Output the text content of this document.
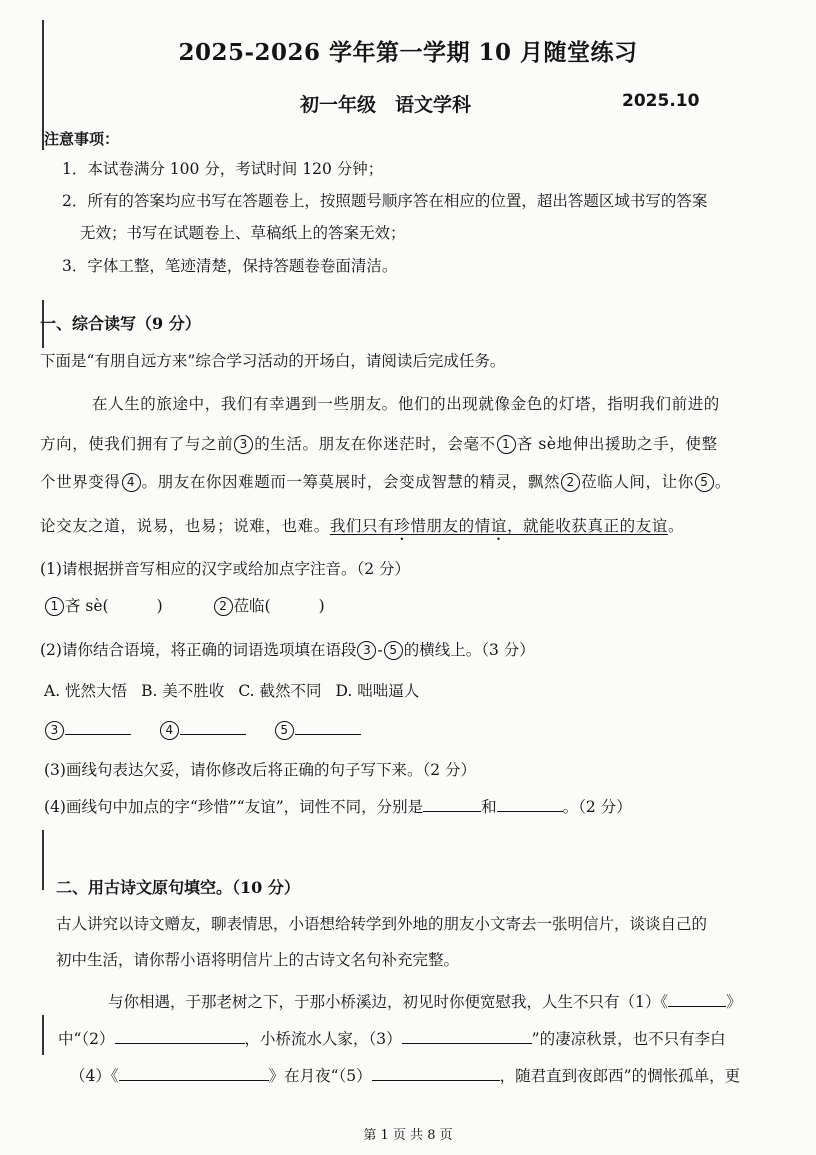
2025-2026 学年第一学期 10 月随堂练习
初一年级　语文学科	2025.10
注意事项：
1．本试卷满分 100 分，考试时间 120 分钟；
2．所有的答案均应书写在答题卷上，按照题号顺序答在相应的位置，超出答题区域书写的答案
无效；书写在试题卷上、草稿纸上的答案无效；
3．字体工整，笔迹清楚，保持答题卷卷面清洁。
一、综合读写（9 分）
下面是“有朋自远方来”综合学习活动的开场白，请阅读后完成任务。
在人生的旅途中，我们有幸遇到一些朋友。他们的出现就像金色的灯塔，指明我们前进的
方向，使我们拥有了与之前 3 的生活。朋友在你迷茫时，会毫不 1 吝 sè地伸出援助之手，使整
个世界变得 4 。朋友在你因难题而一筹莫展时，会变成智慧的精灵，飘然 2 莅临人间，让你 5 。
论交友之道，说易，也易；说难，也难。我们只有珍惜朋友的情谊，就能收获真正的友谊。
(1)请根据拼音写相应的汉字或给加点字注音。（2 分）
1 吝 sè(	)	2 莅临(	)
(2)请你结合语境，将正确的词语选项填在语段 3 - 5 的横线上。（3 分）
A. 恍然大悟 B. 美不胜收 C. 截然不同 D. 咄咄逼人
3	4	5
(3)画线句表达欠妥，请你修改后将正确的句子写下来。（2 分）
(4)画线句中加点的字“珍惜”“友谊”，词性不同，分别是	和	。（2 分）
二、用古诗文原句填空。（10 分）
古人讲究以诗文赠友，聊表情思，小语想给转学到外地的朋友小文寄去一张明信片，谈谈自己的
初中生活，请你帮小语将明信片上的古诗文名句补充完整。
与你相遇，于那老树之下，于那小桥溪边，初见时你便宽慰我，人生不只有（1）《	》
中“（2）	，小桥流水人家，（3）	”的凄凉秋景，也不只有李白
（4）《	》在月夜“（5）	，随君直到夜郎西”的惆怅孤单，更
第 1 页 共 8 页
